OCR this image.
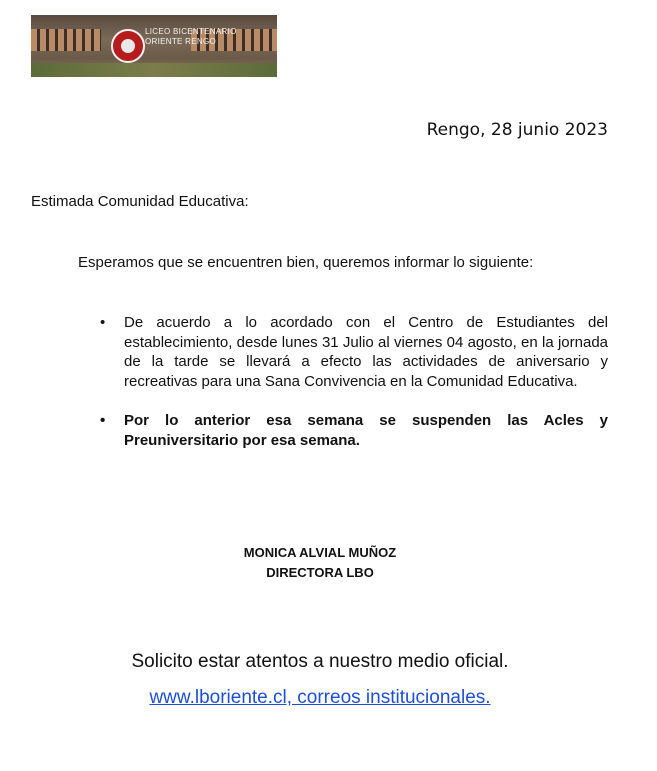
LICEO BICENTENARIO
ORIENTE RENGO
Rengo, 28 junio 2023
Estimada Comunidad Educativa:
Esperamos que se encuentren bien, queremos informar lo siguiente:
• De acuerdo a lo acordado con el Centro de Estudiantes del establecimiento, desde lunes 31 Julio al viernes 04 agosto, en la jornada de la tarde se llevará a efecto las actividades de aniversario y recreativas para una Sana Convivencia en la Comunidad Educativa.
• Por lo anterior esa semana se suspenden las Acles y Preuniversitario por esa semana.
MONICA ALVIAL MUÑOZ
DIRECTORA LBO
Solicito estar atentos a nuestro medio oficial.
www.lboriente.cl, correos institucionales.
